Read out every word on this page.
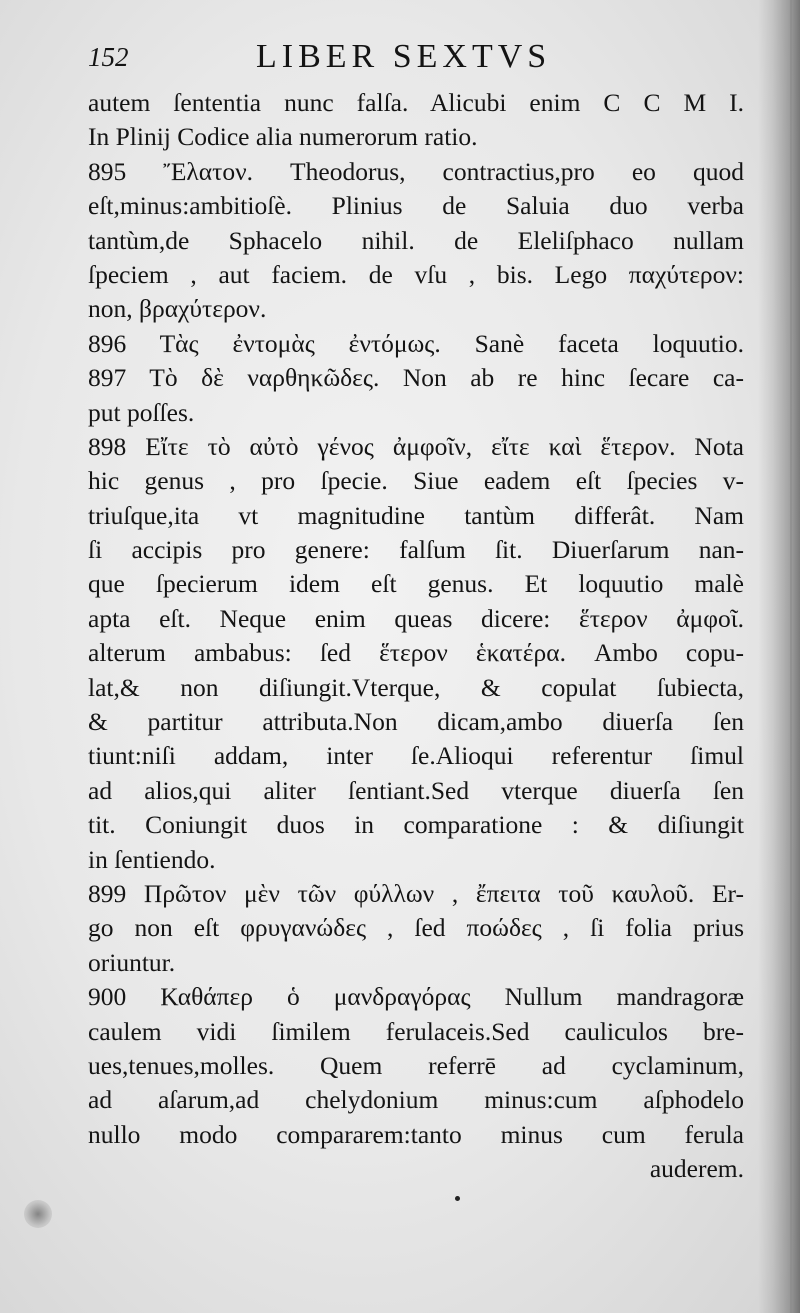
152	LIBER SEXTVS
autem ſententia nunc falſa. Alicubi enim C C M I.
In Plinij Codice alia numerorum ratio.
895 Ἔλατον. Theodorus, contractius,pro eo quod
eſt,minus:ambitioſè. Plinius de Saluia duo verba
tantùm,de Sphacelo nihil. de Eleliſphaco nullam
ſpeciem , aut faciem. de vſu , bis. Lego παχύτερον:
non, βραχύτερον.
896 Τὰς ἐντομὰς ἐντόμως. Sanè faceta loquutio.
897 Τὸ δὲ ναρθηκῶδες. Non ab re hinc ſecare ca-
put poſſes.
898 Εἴτε τὸ αὐτὸ γένος ἀμφοῖν, εἴτε καὶ ἕτερον. Nota
hic genus , pro ſpecie. Siue eadem eſt ſpecies v-
triuſque,ita vt magnitudine tantùm differât. Nam
ſi accipis pro genere: falſum ſit. Diuerſarum nan-
que ſpecierum idem eſt genus. Et loquutio malè
apta eſt. Neque enim queas dicere: ἕτερον ἀμφοῖ.
alterum ambabus: ſed ἕτερον ἑκατέρα. Ambo copu-
lat,& non diſiungit.Vterque, & copulat ſubiecta,
& partitur attributa.Non dicam,ambo diuerſa ſen
tiunt:niſi addam, inter ſe.Alioqui referentur ſimul
ad alios,qui aliter ſentiant.Sed vterque diuerſa ſen
tit. Coniungit duos in comparatione : & diſiungit
in ſentiendo.
899 Πρῶτον μὲν τῶν φύλλων , ἔπειτα τοῦ καυλοῦ. Er-
go non eſt φρυγανώδες , ſed ποώδες , ſi folia prius
oriuntur.
900 Καθάπερ ὁ μανδραγόρας Nullum mandragoræ
caulem vidi ſimilem ferulaceis.Sed cauliculos bre-
ues,tenues,molles. Quem referrē ad cyclaminum,
ad aſarum,ad chelydonium minus:cum aſphodelo
nullo modo compararem:tanto minus cum ferula
auderem.
